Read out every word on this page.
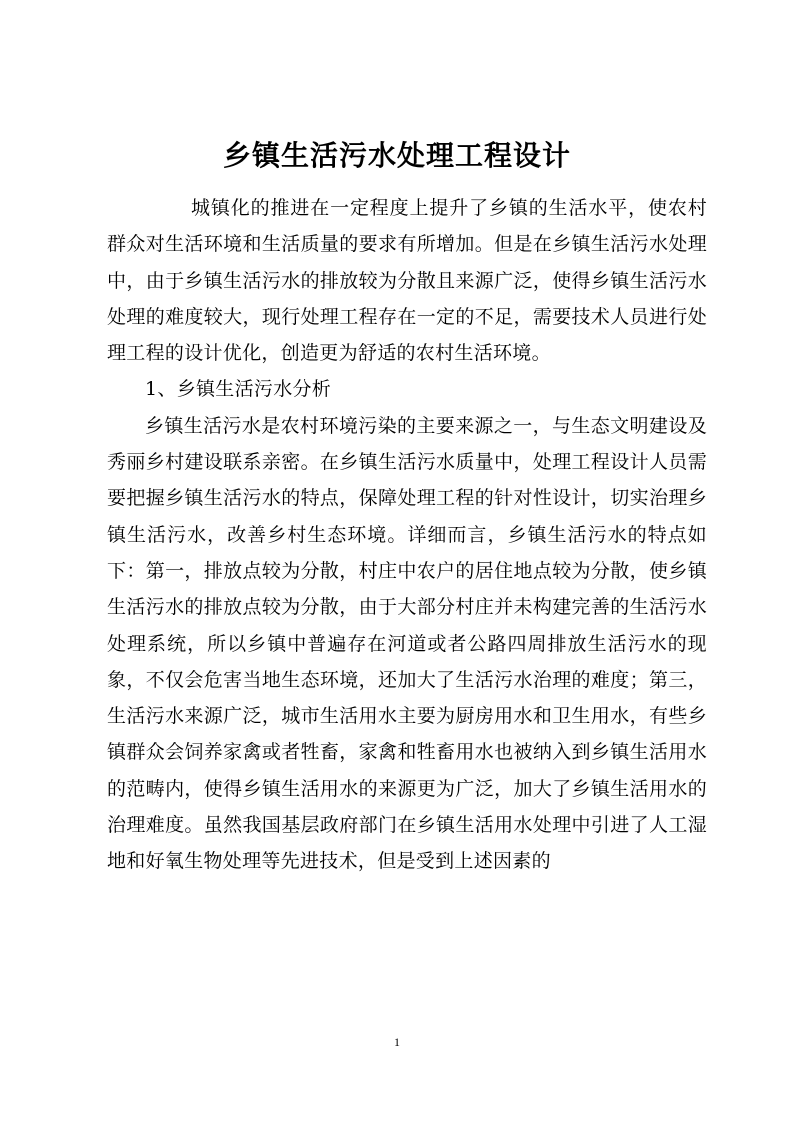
乡镇生活污水处理工程设计

城镇化的推进在一定程度上提升了乡镇的生活水平，使农村群众对生活环境和生活质量的要求有所增加。但是在乡镇生活污水处理中，由于乡镇生活污水的排放较为分散且来源广泛，使得乡镇生活污水处理的难度较大，现行处理工程存在一定的不足，需要技术人员进行处理工程的设计优化，创造更为舒适的农村生活环境。

1、乡镇生活污水分析

乡镇生活污水是农村环境污染的主要来源之一，与生态文明建设及秀丽乡村建设联系亲密。在乡镇生活污水质量中，处理工程设计人员需要把握乡镇生活污水的特点，保障处理工程的针对性设计，切实治理乡镇生活污水，改善乡村生态环境。详细而言，乡镇生活污水的特点如下：第一，排放点较为分散，村庄中农户的居住地点较为分散，使乡镇生活污水的排放点较为分散，由于大部分村庄并未构建完善的生活污水处理系统，所以乡镇中普遍存在河道或者公路四周排放生活污水的现象，不仅会危害当地生态环境，还加大了生活污水治理的难度；第三，生活污水来源广泛，城市生活用水主要为厨房用水和卫生用水，有些乡镇群众会饲养家禽或者牲畜，家禽和牲畜用水也被纳入到乡镇生活用水的范畴内，使得乡镇生活用水的来源更为广泛，加大了乡镇生活用水的治理难度。虽然我国基层政府部门在乡镇生活用水处理中引进了人工湿地和好氧生物处理等先进技术，但是受到上述因素的

1
